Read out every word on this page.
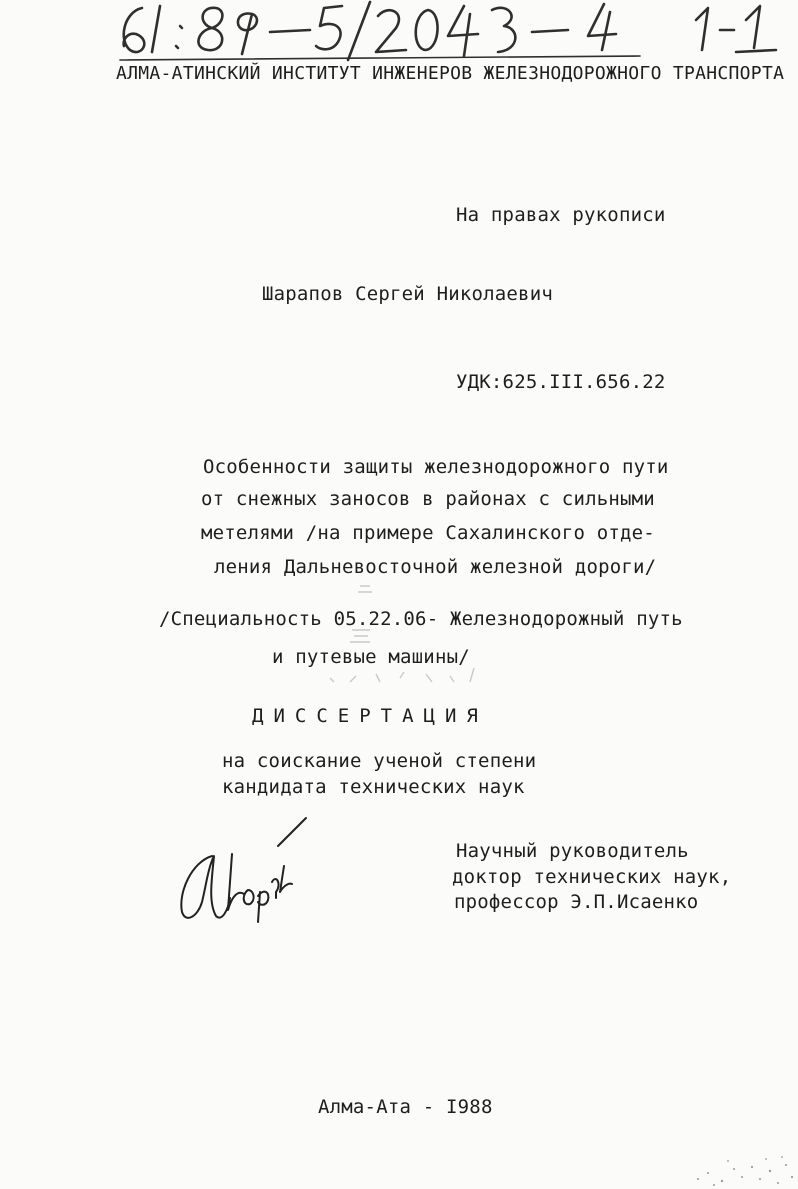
АЛМА-АТИНСКИЙ ИНСТИТУТ ИНЖЕНЕРОВ ЖЕЛЕЗНОДОРОЖНОГО ТРАНСПОРТА
На правах рукописи
Шарапов Сергей Николаевич
УДК:625.III.656.22
Особенности защиты железнодорожного пути
от снежных заносов в районах с сильными
метелями /на примере Сахалинского отде-
ления Дальневосточной железной дороги/
/Специальность 05.22.06- Железнодорожный путь
и путевые машины/
ДИССЕРТАЦИЯ
на соискание ученой степени
кандидата технических наук
Научный руководитель
доктор технических наук,
профессор Э.П.Исаенко
Алма-Ата - I988
